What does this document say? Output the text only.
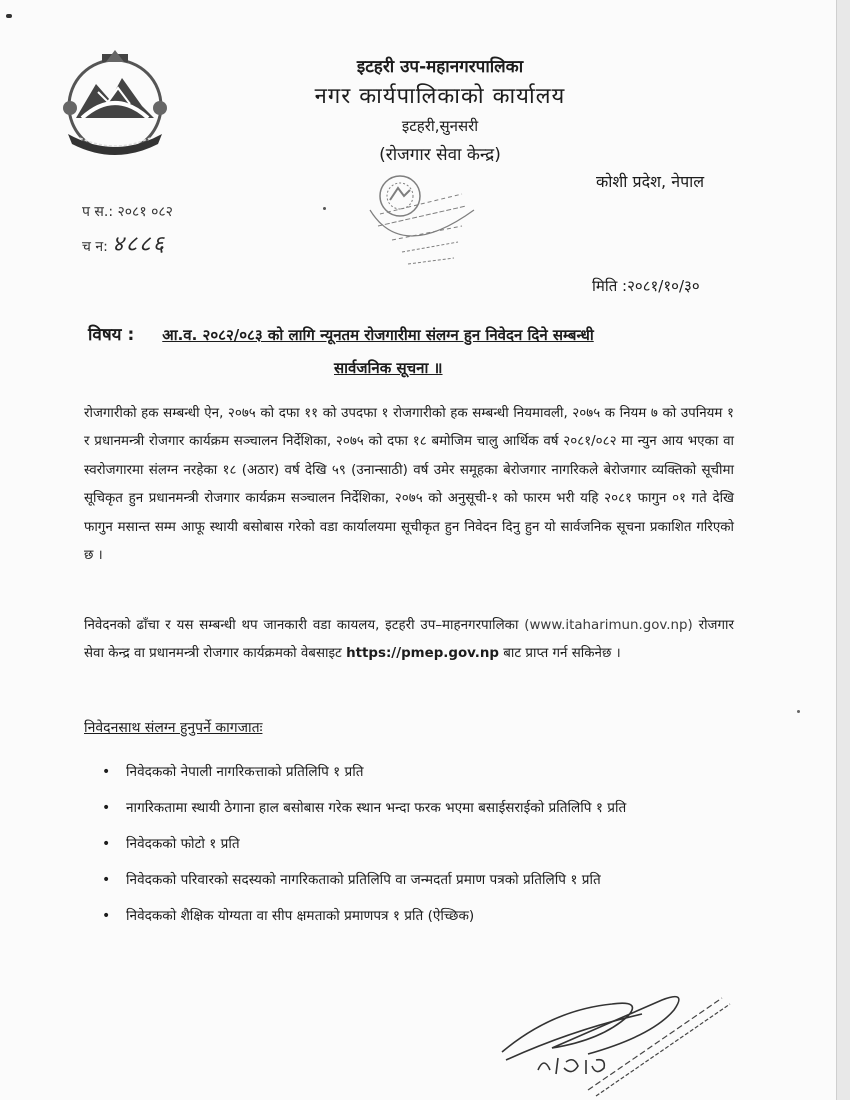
इटहरी उप-महानगरपालिका
नगर कार्यपालिकाको कार्यालय
इटहरी,सुनसरी
(रोजगार सेवा केन्द्र)
कोशी प्रदेश, नेपाल
प स.: २०८१ ०८२
च न: ४८८६
मिति :२०८१/१०/३०
विषय : आ.व. २०८२/०८३ को लागि न्यूनतम रोजगारीमा संलग्न हुन निवेदन दिने सम्बन्धी
सार्वजनिक सूचना ॥
रोजगारीको हक सम्बन्धी ऐन, २०७५ को दफा ११ को उपदफा १ रोजगारीको हक सम्बन्धी नियमावली, २०७५ क नियम ७ को उपनियम १ र प्रधानमन्त्री रोजगार कार्यक्रम सञ्चालन निर्देशिका, २०७५ को दफा १८ बमोजिम चालु आर्थिक वर्ष २०८१/०८२ मा न्युन आय भएका वा स्वरोजगारमा संलग्न नरहेका १८ (अठार) वर्ष देखि ५९ (उनान्साठी) वर्ष उमेर समूहका बेरोजगार नागरिकले बेरोजगार व्यक्तिको सूचीमा सूचिकृत हुन प्रधानमन्त्री रोजगार कार्यक्रम सञ्चालन निर्देशिका, २०७५ को अनुसूची-१ को फारम भरी यहि २०८१ फागुन ०१ गते देखि फागुन मसान्त सम्म आफू स्थायी बसोबास गरेको वडा कार्यालयमा सूचीकृत हुन निवेदन दिनु हुन यो सार्वजनिक सूचना प्रकाशित गरिएको छ ।
निवेदनको ढाँचा र यस सम्बन्धी थप जानकारी वडा कायलय, इटहरी उप–माहनगरपालिका (www.itaharimun.gov.np) रोजगार सेवा केन्द्र वा प्रधानमन्त्री रोजगार कार्यक्रमको वेबसाइट https://pmep.gov.np बाट प्राप्त गर्न सकिनेछ ।
निवेदनसाथ संलग्न हुनुपर्ने कागजातः
• निवेदकको नेपाली नागरिकत्ताको प्रतिलिपि १ प्रति
• नागरिकतामा स्थायी ठेगाना हाल बसोबास गरेक स्थान भन्दा फरक भएमा बसाईसराईको प्रतिलिपि १ प्रति
• निवेदकको फोटो १ प्रति
• निवेदकको परिवारको सदस्यको नागरिकताको प्रतिलिपि वा जन्मदर्ता प्रमाण पत्रको प्रतिलिपि १ प्रति
• निवेदकको शैक्षिक योग्यता वा सीप क्षमताको प्रमाणपत्र १ प्रति (ऐच्छिक)
